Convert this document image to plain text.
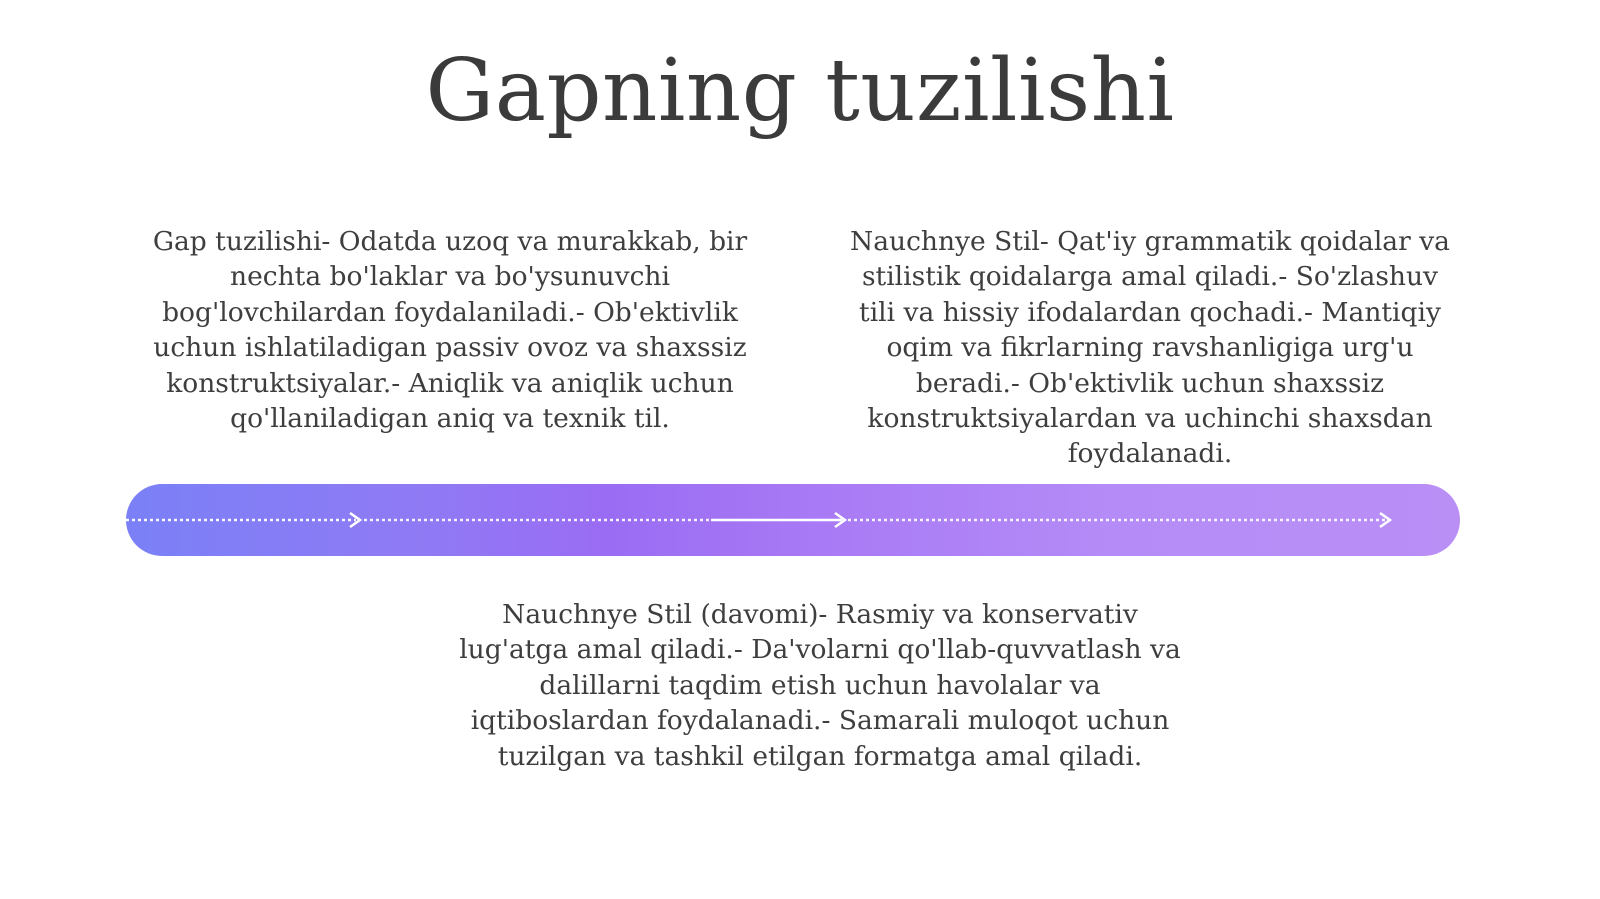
Gapning tuzilishi
Gap tuzilishi- Odatda uzoq va murakkab, bir nechta bo'laklar va bo'ysunuvchi bog'lovchilardan foydalaniladi.- Ob'ektivlik uchun ishlatiladigan passiv ovoz va shaxssiz konstruktsiyalar.- Aniqlik va aniqlik uchun qo'llaniladigan aniq va texnik til.
Nauchnye Stil- Qat'iy grammatik qoidalar va stilistik qoidalarga amal qiladi.- So'zlashuv tili va hissiy ifodalardan qochadi.- Mantiqiy oqim va fikrlarning ravshanligiga urg'u beradi.- Ob'ektivlik uchun shaxssiz konstruktsiyalardan va uchinchi shaxsdan foydalanadi.
Nauchnye Stil (davomi)- Rasmiy va konservativ lug'atga amal qiladi.- Da'volarni qo'llab-quvvatlash va dalillarni taqdim etish uchun havolalar va iqtiboslardan foydalanadi.- Samarali muloqot uchun tuzilgan va tashkil etilgan formatga amal qiladi.
